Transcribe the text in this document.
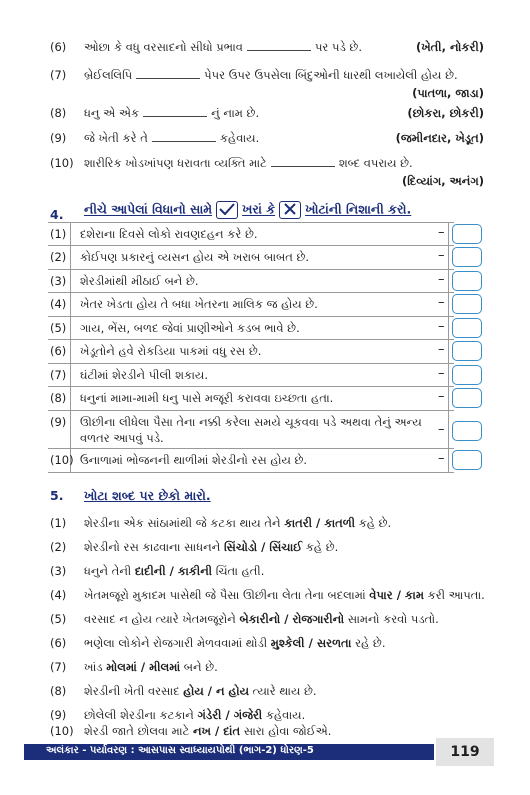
(6) ઓછા કે વધુ વરસાદનો સીધો પ્રભાવ	પર પડે છે.	(ખેતી, નોકરી)
(7) બ્રેઈલલિપિ	પેપર ઉપર ઉપસેલા બિંદુઓની ધારથી લખાયેલી હોય છે.
(પાતળા, જાડા)
(8) ધનુ એ એક	નું નામ છે.	(છોકરા, છોકરી)
(9) જે ખેતી કરે તે	કહેવાય.	(જમીનદાર, ખેડૂત)
(10) શારીરિક ખોડખાંપણ ધરાવતા વ્યક્તિ માટે	શબ્દ વપરાય છે.
(દિવ્યાંગ, અનંગ)
4. નીચે આપેલાં વિધાનો સામે ખરાં કે ખોટાંની નિશાની કરો.
(1) દશેરાના દિવસે લોકો રાવણદહન કરે છે.	–
(2) કોઈપણ પ્રકારનું વ્યસન હોય એ ખરાબ બાબત છે.	–
(3) શેરડીમાંથી મીઠાઈ બને છે.	–
(4) ખેતર ખેડતા હોય તે બધા ખેતરના માલિક જ હોય છે.	–
(5) ગાય, ભેંસ, બળદ જેવાં પ્રાણીઓને કડબ ભાવે છે.	–
(6) ખેડૂતોને હવે રોકડિયા પાકમાં વધુ રસ છે.	–
(7) ઘંટીમાં શેરડીને પીલી શકાય.	–
(8) ધનુનાં મામા-મામી ધનુ પાસે મજૂરી કરાવવા ઇચ્છતા હતા.	–
(9) ઊછીના લીધેલા પૈસા તેના નક્કી કરેલા સમયે ચૂકવવા પડે અથવા તેનું અન્ય
વળતર આપવું પડે.
–
(10) ઉનાળામાં ભોજનની થાળીમાં શેરડીનો રસ હોય છે.	–
5. ખોટા શબ્દ પર છેકો મારો.
(1) શેરડીના એક સાંઠામાંથી જે કટકા થાય તેને કાતરી / કાતળી કહે છે.
(2) શેરડીનો રસ કાઢવાના સાધનને સિંચોડો / સિંચાઈ કહે છે.
(3) ધનુને તેની દાદીની / કાકીની ચિંતા હતી.
(4) ખેતમજૂરો મુકાદમ પાસેથી જે પૈસા ઊછીના લેતા તેના બદલામાં વેપાર / કામ કરી આપતા.
(5) વરસાદ ન હોય ત્યારે ખેતમજૂરોને બેકારીનો / રોજગારીનો સામનો કરવો પડતો.
(6) ભણેલા લોકોને રોજગારી મેળવવામાં થોડી મુશ્કેલી / સરળતા રહે છે.
(7) ખાંડ મોલમાં / મીલમાં બને છે.
(8) શેરડીની ખેતી વરસાદ હોય / ન હોય ત્યારે થાય છે.
(9) છોલેલી શેરડીના કટકાને ગંડેરી / ગંજેરી કહેવાય.
(10) શેરડી જાતે છોલવા માટે નખ / દાંત સારા હોવા જોઈએ.
અલંકાર - પર્યાવરણ : આસપાસ સ્વાધ્યાયપોથી (ભાગ-2) ધોરણ-5	119
